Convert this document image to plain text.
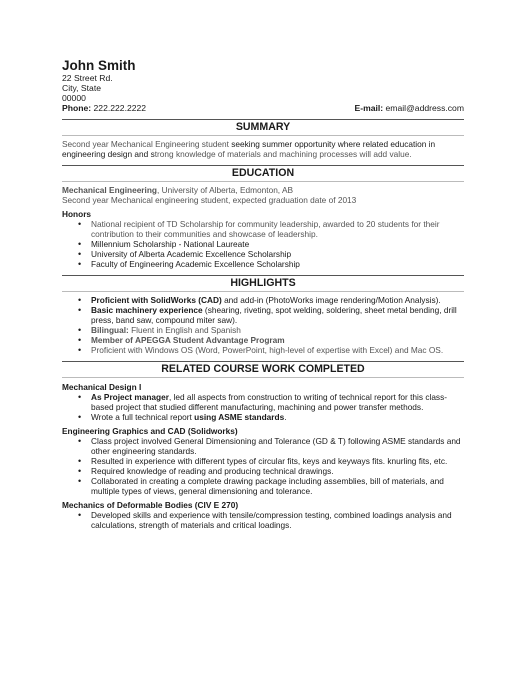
John Smith
22 Street Rd.
City, State
00000
Phone: 222.222.2222	E-mail: email@address.com
SUMMARY
Second year Mechanical Engineering student seeking summer opportunity where related education in engineering design and strong knowledge of materials and machining processes will add value.
EDUCATION
Mechanical Engineering, University of Alberta, Edmonton, AB
Second year Mechanical engineering student, expected graduation date of 2013
Honors
• National recipient of TD Scholarship for community leadership, awarded to 20 students for their contribution to their communities and showcase of leadership.
• Millennium Scholarship - National Laureate
• University of Alberta Academic Excellence Scholarship
• Faculty of Engineering Academic Excellence Scholarship
HIGHLIGHTS
• Proficient with SolidWorks (CAD) and add-in (PhotoWorks image rendering/Motion Analysis).
• Basic machinery experience (shearing, riveting, spot welding, soldering, sheet metal bending, drill press, band saw, compound miter saw).
• Bilingual: Fluent in English and Spanish
• Member of APEGGA Student Advantage Program
• Proficient with Windows OS (Word, PowerPoint, high-level of expertise with Excel) and Mac OS.
RELATED COURSE WORK COMPLETED
Mechanical Design I
• As Project manager, led all aspects from construction to writing of technical report for this class-based project that studied different manufacturing, machining and power transfer methods.
• Wrote a full technical report using ASME standards.
Engineering Graphics and CAD (Solidworks)
• Class project involved General Dimensioning and Tolerance (GD & T) following ASME standards and other engineering standards.
• Resulted in experience with different types of circular fits, keys and keyways fits. knurling fits, etc.
• Required knowledge of reading and producing technical drawings.
• Collaborated in creating a complete drawing package including assemblies, bill of materials, and multiple types of views, general dimensioning and tolerance.
Mechanics of Deformable Bodies (CIV E 270)
• Developed skills and experience with tensile/compression testing, combined loadings analysis and calculations, strength of materials and critical loadings.
